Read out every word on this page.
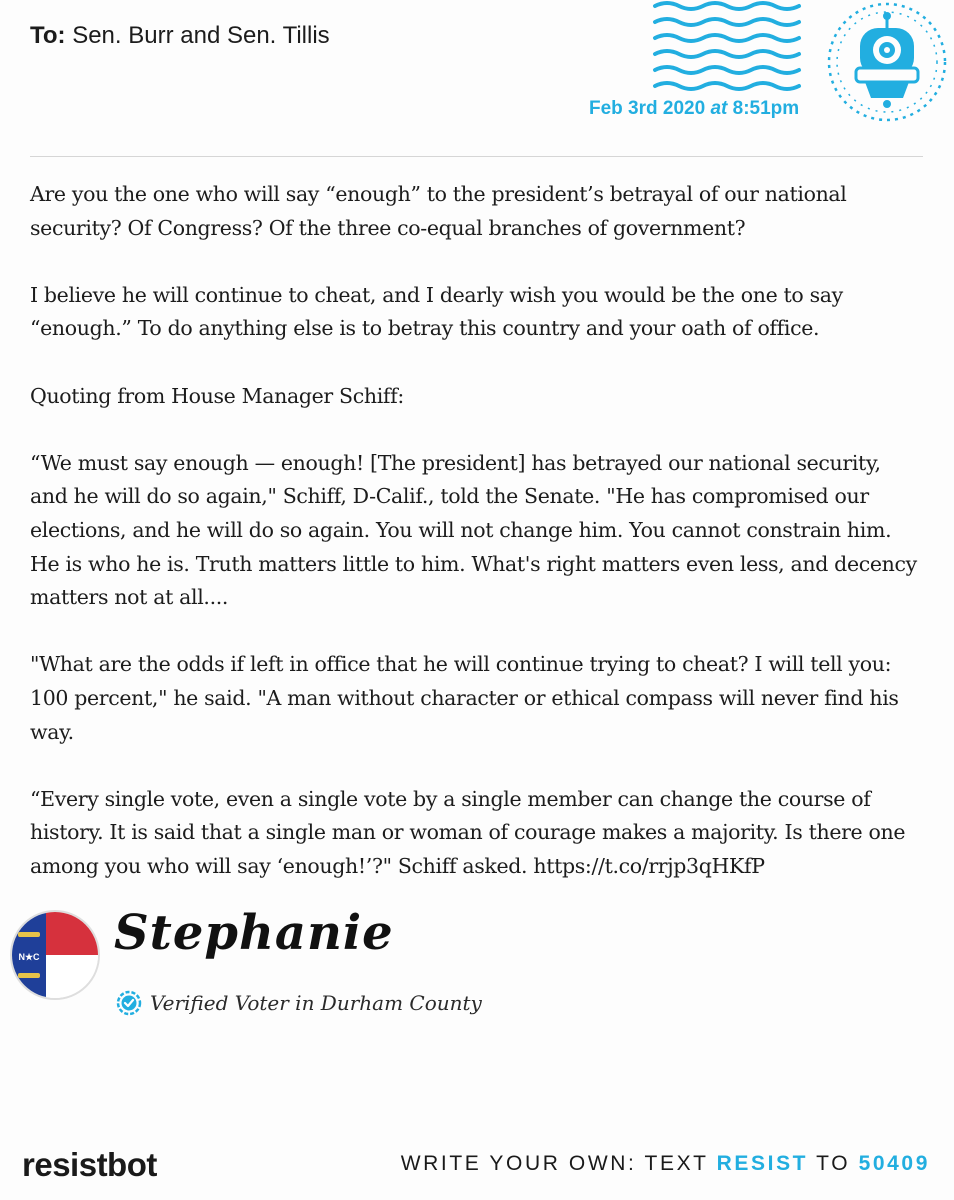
To: Sen. Burr and Sen. Tillis
Feb 3rd 2020 at 8:51pm

Are you the one who will say “enough” to the president’s betrayal of our national
security? Of Congress? Of the three co-equal branches of government?

I believe he will continue to cheat, and I dearly wish you would be the one to say
“enough.” To do anything else is to betray this country and your oath of office.

Quoting from House Manager Schiff:

“We must say enough — enough! [The president] has betrayed our national security,
and he will do so again," Schiff, D-Calif., told the Senate. "He has compromised our
elections, and he will do so again. You will not change him. You cannot constrain him.
He is who he is. Truth matters little to him. What's right matters even less, and decency
matters not at all....

"What are the odds if left in office that he will continue trying to cheat? I will tell you:
100 percent," he said. "A man without character or ethical compass will never find his
way.

“Every single vote, even a single vote by a single member can change the course of
history. It is said that a single man or woman of courage makes a majority. Is there one
among you who will say ‘enough!’?" Schiff asked. https://t.co/rrjp3qHKfP

N★C Stephanie
Verified Voter in Durham County
resistbot	WRITE YOUR OWN: TEXT RESIST TO 50409
